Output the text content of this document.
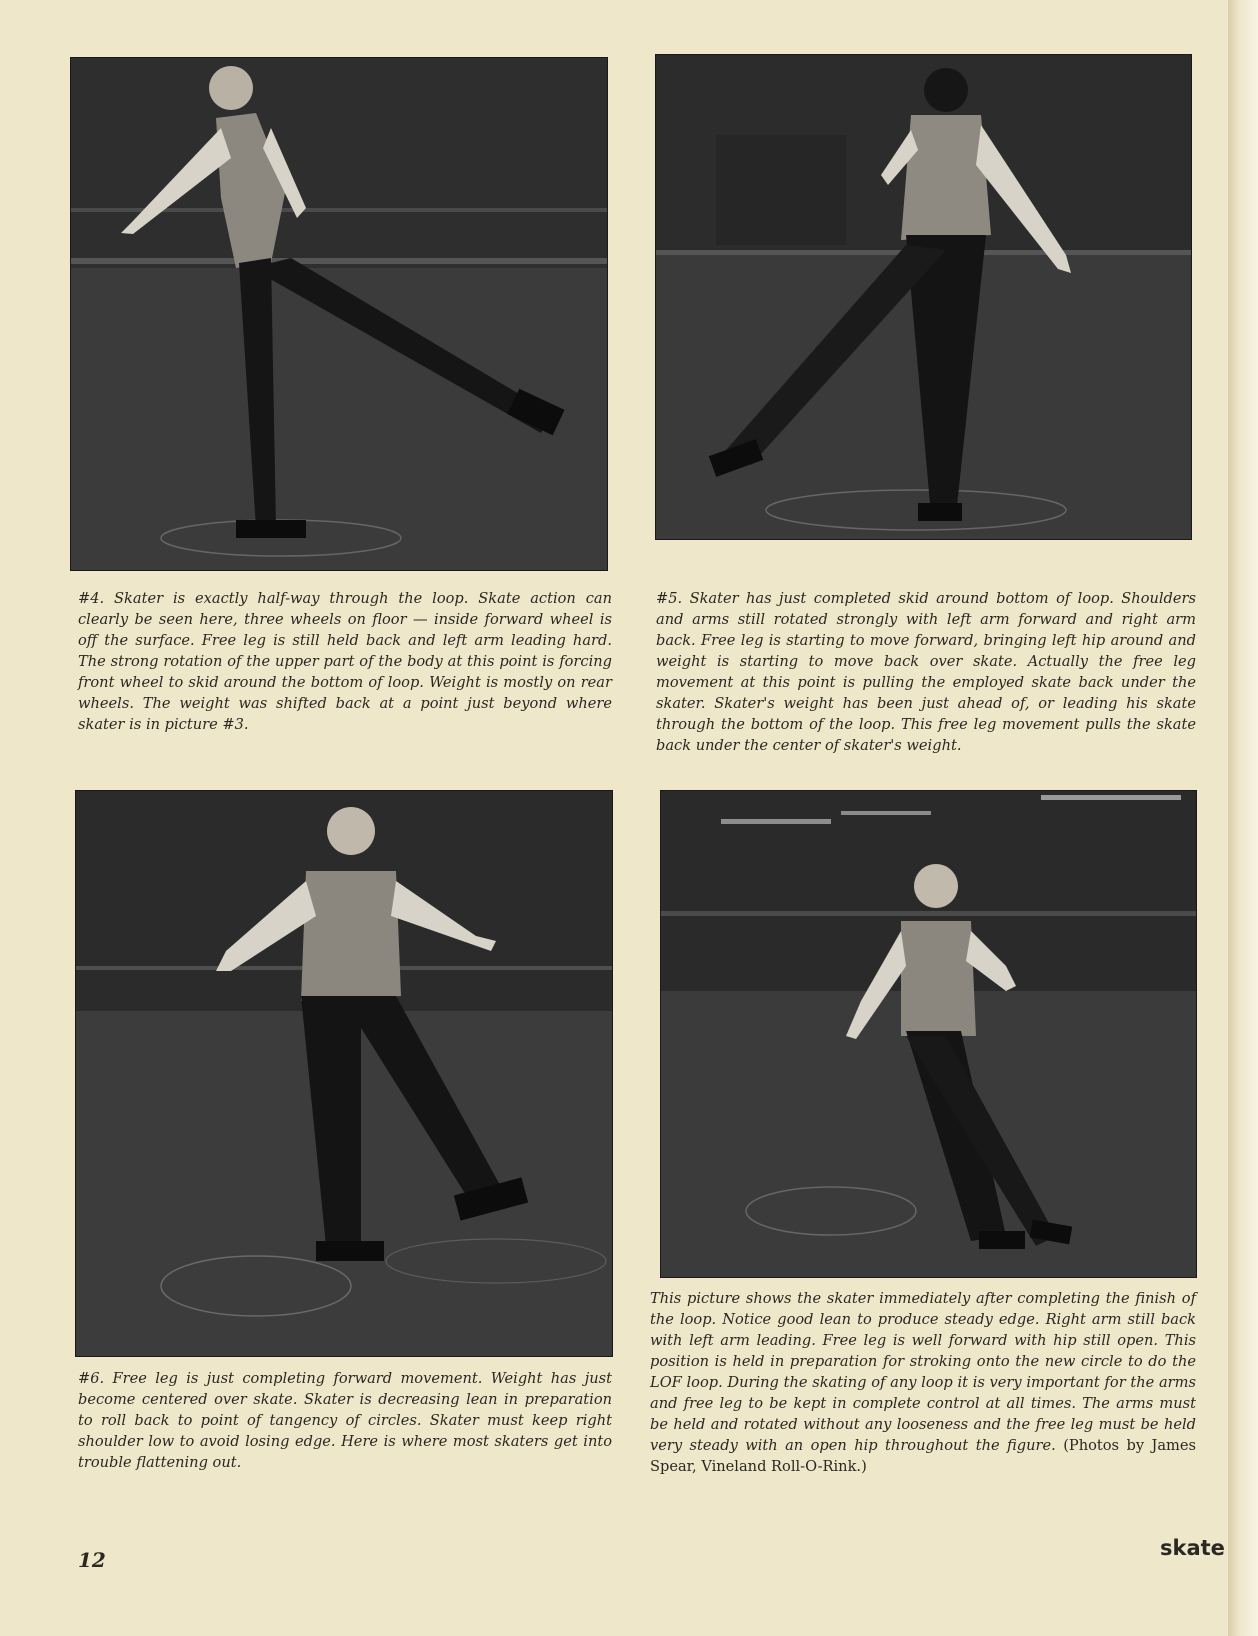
#4. Skater is exactly half-way through the loop. Skate action can clearly be seen here, three wheels on floor — inside forward wheel is off the surface. Free leg is still held back and left arm leading hard. The strong rotation of the upper part of the body at this point is forcing front wheel to skid around the bottom of loop. Weight is mostly on rear wheels. The weight was shifted back at a point just beyond where skater is in picture #3.

#5. Skater has just completed skid around bottom of loop. Shoulders and arms still rotated strongly with left arm forward and right arm back. Free leg is starting to move forward, bringing left hip around and weight is starting to move back over skate. Actually the free leg movement at this point is pulling the employed skate back under the skater. Skater's weight has been just ahead of, or leading his skate through the bottom of the loop. This free leg movement pulls the skate back under the center of skater's weight.

#6. Free leg is just completing forward movement. Weight has just become centered over skate. Skater is decreasing lean in preparation to roll back to point of tangency of circles. Skater must keep right shoulder low to avoid losing edge. Here is where most skaters get into trouble flattening out.

This picture shows the skater immediately after completing the finish of the loop. Notice good lean to produce steady edge. Right arm still back with left arm leading. Free leg is well forward with hip still open. This position is held in preparation for stroking onto the new circle to do the LOF loop. During the skating of any loop it is very important for the arms and free leg to be kept in complete control at all times. The arms must be held and rotated without any looseness and the free leg must be held very steady with an open hip throughout the figure. (Photos by James Spear, Vineland Roll-O-Rink.)

12	skate
